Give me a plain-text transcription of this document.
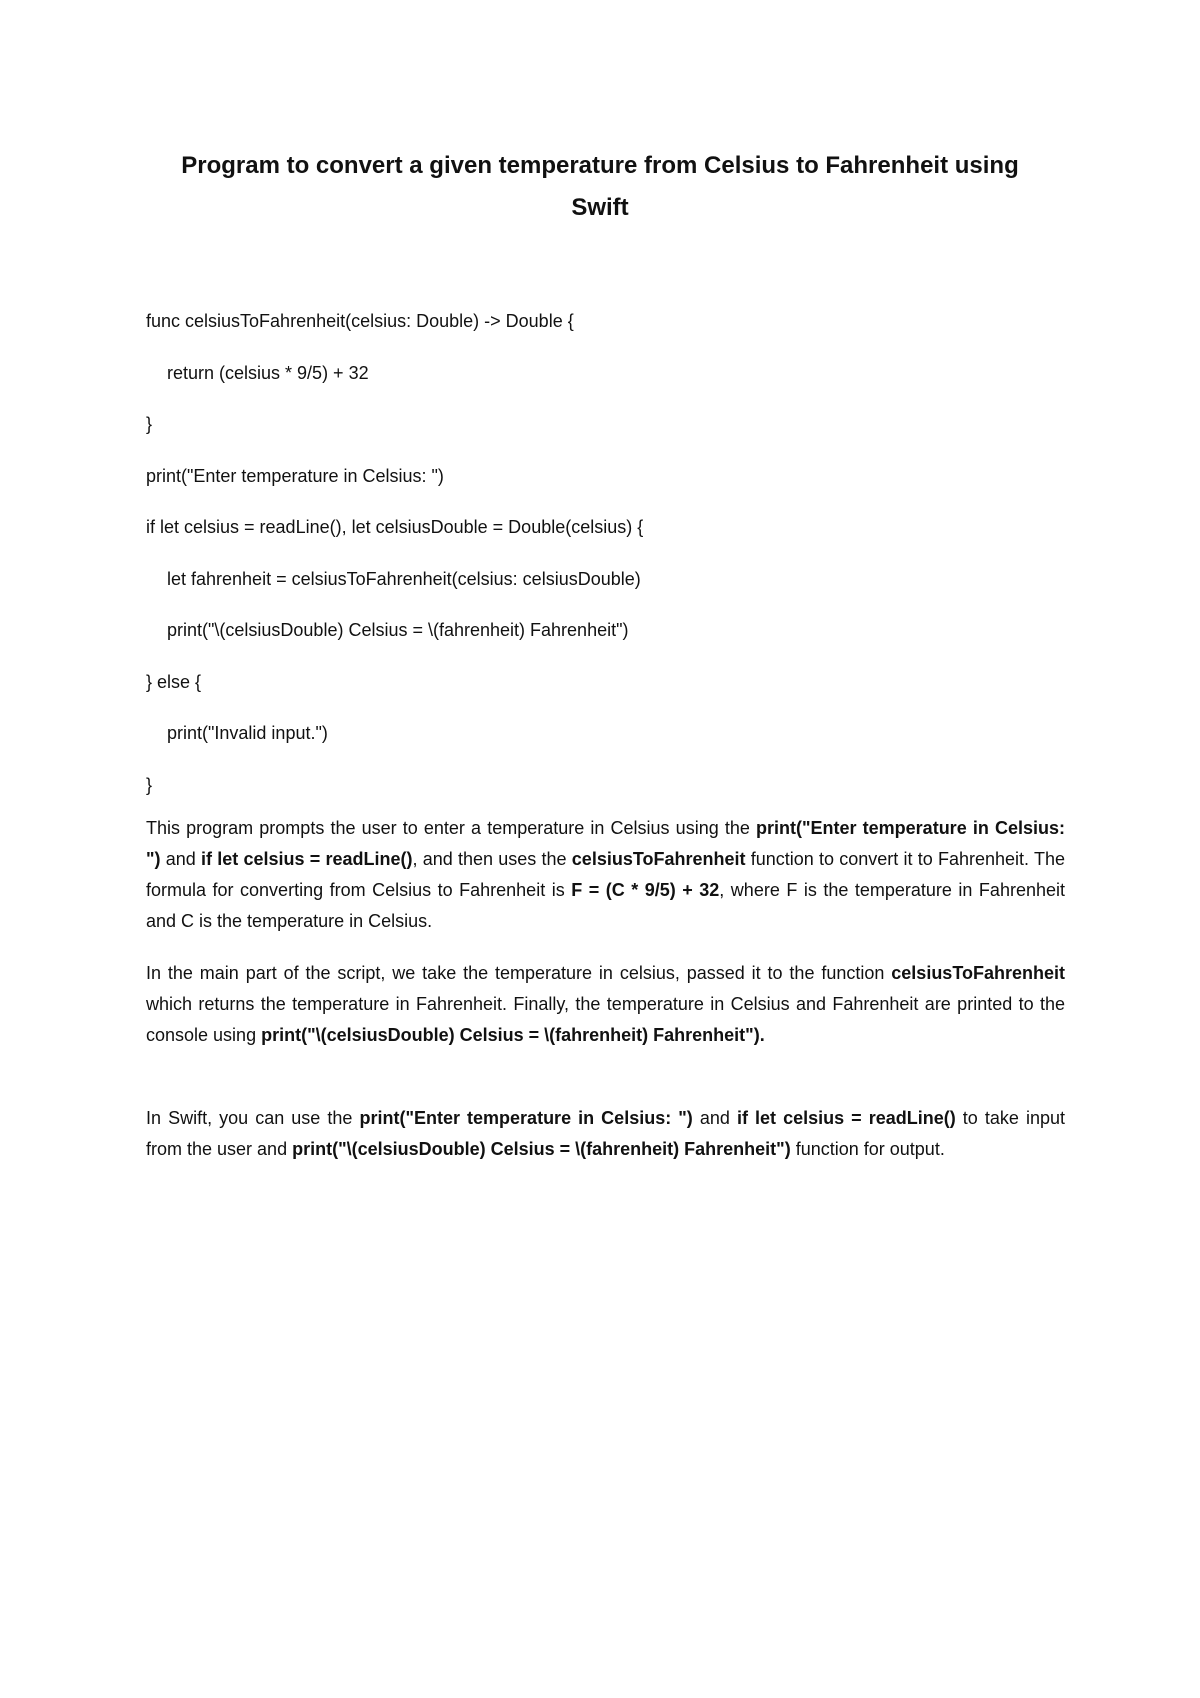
Program to convert a given temperature from Celsius to Fahrenheit using
Swift
func celsiusToFahrenheit(celsius: Double) -> Double {
return (celsius * 9/5) + 32
}
print("Enter temperature in Celsius: ")
if let celsius = readLine(), let celsiusDouble = Double(celsius) {
let fahrenheit = celsiusToFahrenheit(celsius: celsiusDouble)
print("\(celsiusDouble) Celsius = \(fahrenheit) Fahrenheit")
} else {
print("Invalid input.")
}

This program prompts the user to enter a temperature in Celsius using the print("Enter temperature in Celsius: ") and if let celsius = readLine(), and then uses the celsiusToFahrenheit function to convert it to Fahrenheit. The formula for converting from Celsius to Fahrenheit is F = (C * 9/5) + 32, where F is the temperature in Fahrenheit and C is the temperature in Celsius.

In the main part of the script, we take the temperature in celsius, passed it to the function celsiusToFahrenheit which returns the temperature in Fahrenheit. Finally, the temperature in Celsius and Fahrenheit are printed to the console using print("\(celsiusDouble) Celsius = \(fahrenheit) Fahrenheit").

In Swift, you can use the print("Enter temperature in Celsius: ") and if let celsius = readLine() to take input from the user and print("\(celsiusDouble) Celsius = \(fahrenheit) Fahrenheit") function for output.
